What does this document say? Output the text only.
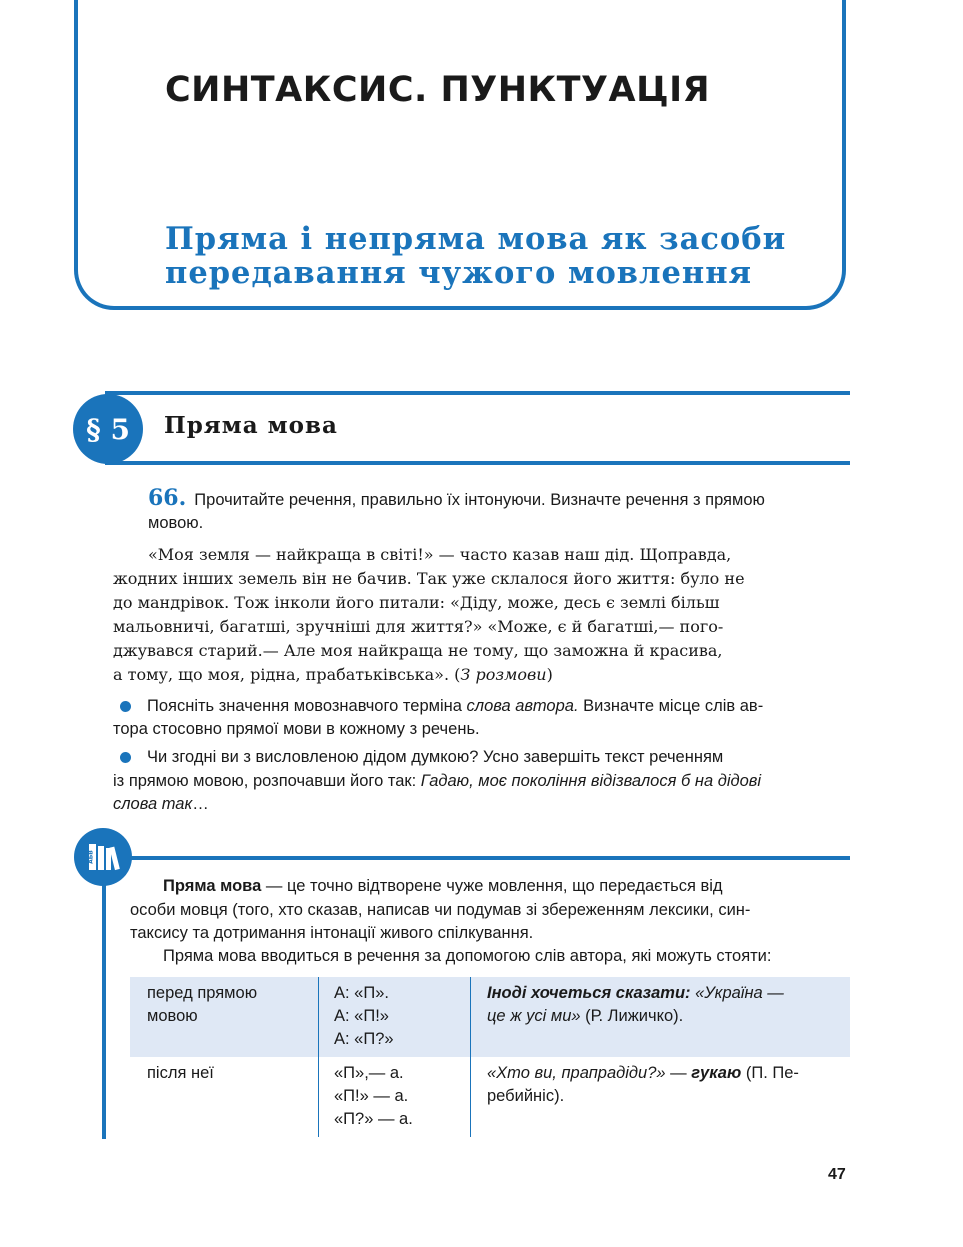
СИНТАКСИС. ПУНКТУАЦІЯ
Пряма і непряма мова як засоби
передавання чужого мовлення
§ 5	Пряма мова
66. Прочитайте речення, правильно їх інтонуючи. Визначте речення з прямою
мовою.
«Моя земля — найкраща в світі!» — часто казав наш дід. Щоправда,
жодних інших земель він не бачив. Так уже склалося його життя: було не
до мандрівок. Тож інколи його питали: «Діду, може, десь є землі більш
мальовничі, багатші, зручніші для життя?» «Може, є й багатші,— пого-
джувався старий.— Але моя найкраща не тому, що заможна й красива,
а тому, що моя, рідна, прабатьківська». (З розмови)
Поясніть значення мовознавчого терміна слова автора. Визначте місце слів ав-
тора стосовно прямої мови в кожному з речень.
Чи згодні ви з висловленою дідом думкою? Усно завершіть текст реченням
із прямою мовою, розпочавши його так: Гадаю, моє покоління відізвалося б на дідові
слова так…
АБВ
Пряма мова — це точно відтворене чуже мовлення, що передається від
особи мовця (того, хто сказав, написав чи подумав зі збереженням лексики, син-
таксису та дотримання інтонації живого спілкування.
Пряма мова вводиться в речення за допомогою слів автора, які можуть стояти:
перед прямою
мовою
А: «П».
А: «П!»
А: «П?»
Іноді хочеться сказати: «Україна —
це ж усі ми» (Р. Лижичко).
після неї	«П»,— а.
«П!» — а.
«П?» — а.
«Хто ви, прапрадіди?» — гукаю (П. Пе-
ребийніс).
47
